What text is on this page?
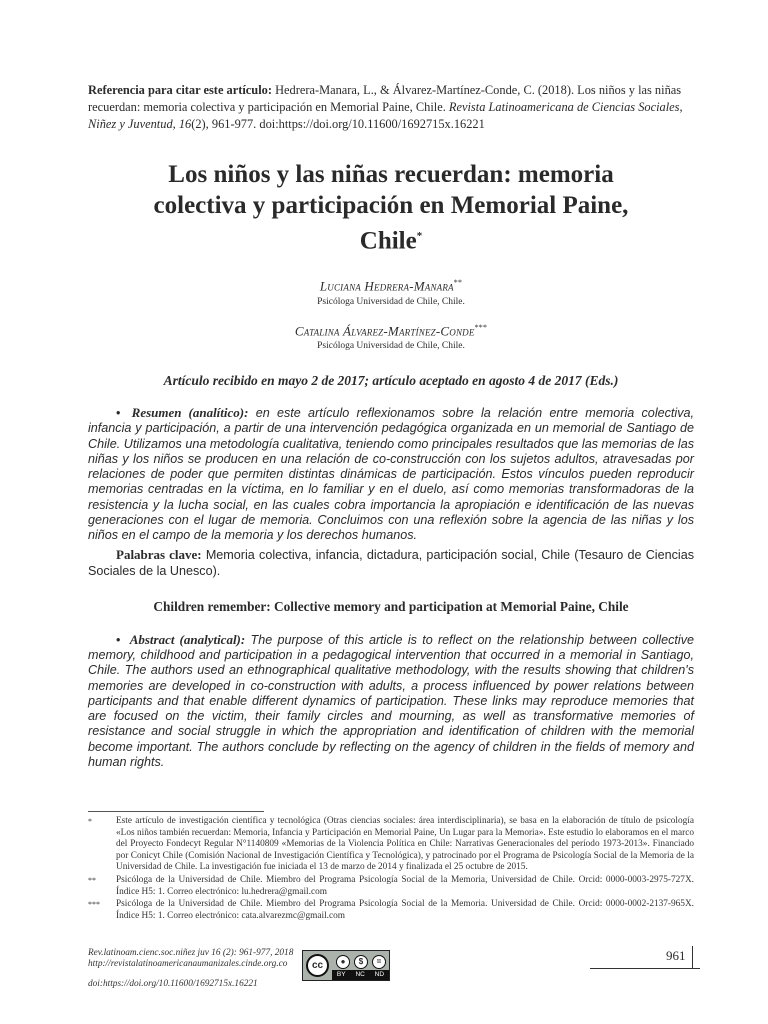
Referencia para citar este artículo: Hedrera-Manara, L., & Álvarez-Martínez-Conde, C. (2018). Los niños y las niñas recuerdan: memoria colectiva y participación en Memorial Paine, Chile. Revista Latinoamericana de Ciencias Sociales, Niñez y Juventud, 16(2), 961-977. doi:https://doi.org/10.11600/1692715x.16221

Los niños y las niñas recuerdan: memoria
colectiva y participación en Memorial Paine,
Chile*
Luciana Hedrera-Manara**
Psicóloga Universidad de Chile, Chile.
Catalina Álvarez-Martínez-Conde***
Psicóloga Universidad de Chile, Chile.
Artículo recibido en mayo 2 de 2017; artículo aceptado en agosto 4 de 2017 (Eds.)
• Resumen (analítico): en este artículo reflexionamos sobre la relación entre memoria colectiva, infancia y participación, a partir de una intervención pedagógica organizada en un memorial de Santiago de Chile. Utilizamos una metodología cualitativa, teniendo como principales resultados que las memorias de las niñas y los niños se producen en una relación de co-construcción con los sujetos adultos, atravesadas por relaciones de poder que permiten distintas dinámicas de participación. Estos vínculos pueden reproducir memorias centradas en la víctima, en lo familiar y en el duelo, así como memorias transformadoras de la resistencia y la lucha social, en las cuales cobra importancia la apropiación e identificación de las nuevas generaciones con el lugar de memoria. Concluimos con una reflexión sobre la agencia de las niñas y los niños en el campo de la memoria y los derechos humanos.
Palabras clave: Memoria colectiva, infancia, dictadura, participación social, Chile (Tesauro de Ciencias Sociales de la Unesco).
Children remember: Collective memory and participation at Memorial Paine, Chile
• Abstract (analytical): The purpose of this article is to reflect on the relationship between collective memory, childhood and participation in a pedagogical intervention that occurred in a memorial in Santiago, Chile. The authors used an ethnographical qualitative methodology, with the results showing that children's memories are developed in co-construction with adults, a process influenced by power relations between participants and that enable different dynamics of participation. These links may reproduce memories that are focused on the victim, their family circles and mourning, as well as transformative memories of resistance and social struggle in which the appropriation and identification of children with the memorial become important. The authors conclude by reflecting on the agency of children in the fields of memory and human rights.
*	Este artículo de investigación científica y tecnológica (Otras ciencias sociales: área interdisciplinaria), se basa en la elaboración de título de psicología «Los niños también recuerdan: Memoria, Infancia y Participación en Memorial Paine, Un Lugar para la Memoria». Este estudio lo elaboramos en el marco del Proyecto Fondecyt Regular N°1140809 «Memorias de la Violencia Política en Chile: Narrativas Generacionales del período 1973-2013». Financiado por Conicyt Chile (Comisión Nacional de Investigación Científica y Tecnológica), y patrocinado por el Programa de Psicología Social de la Memoria de la Universidad de Chile. La investigación fue iniciada el 13 de marzo de 2014 y finalizada el 25 octubre de 2015.
** Psicóloga de la Universidad de Chile. Miembro del Programa Psicología Social de la Memoria, Universidad de Chile. Orcid: 0000-0003-2975-727X. Índice H5: 1. Correo electrónico: lu.hedrera@gmail.com
*** Psicóloga de la Universidad de Chile. Miembro del Programa Psicología Social de la Memoria. Universidad de Chile. Orcid: 0000-0002-2137-965X. Índice H5: 1. Correo electrónico: cata.alvarezmc@gmail.com
Rev.latinoam.cienc.soc.niñez juv 16 (2): 961-977, 2018
http://revistalatinoamericanaumanizales.cinde.org.co
doi:https://doi.org/10.11600/1692715x.16221
cc	●	$	=
BY NC ND
961
